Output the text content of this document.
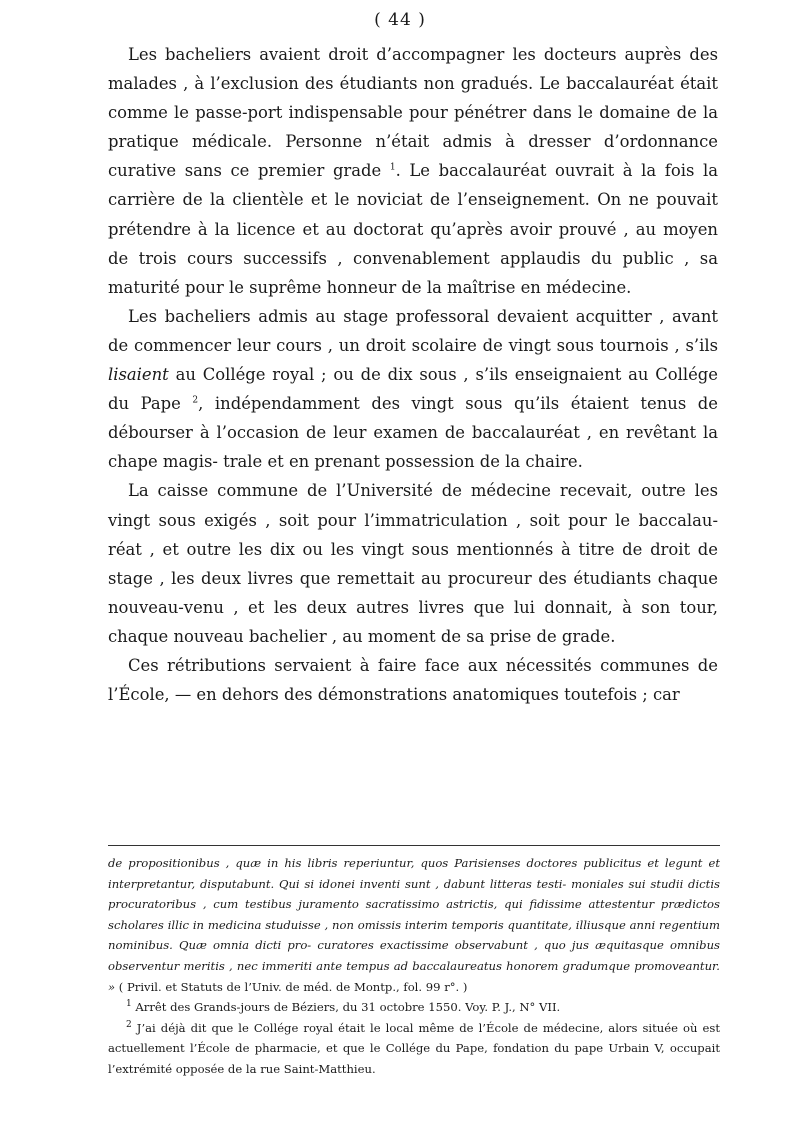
( 44 )

Les bacheliers avaient droit d’accompagner les docteurs auprès des malades , à l’exclusion des étudiants non gradués. Le baccalauréat était comme le passe-port indispensable pour pénétrer dans le domaine de la pratique médicale. Personne n’était admis à dresser d’ordonnance curative sans ce premier grade $^1$. Le baccalauréat ouvrait à la fois la carrière de la clientèle et le noviciat de l’enseignement. On ne pouvait prétendre à la licence et au doctorat qu’après avoir prouvé , au moyen de trois cours successifs , convenablement applaudis du public , sa maturité pour le suprême honneur de la maîtrise en médecine.

Les bacheliers admis au stage professoral devaient acquitter , avant de commencer leur cours , un droit scolaire de vingt sous tournois , s’ils lisaient au Collége royal ; ou de dix sous , s’ils enseignaient au Collége du Pape $^2$, indépendamment des vingt sous qu’ils étaient tenus de débourser à l’occasion de leur examen de baccalauréat , en revêtant la chape magis- trale et en prenant possession de la chaire.

La caisse commune de l’Université de médecine recevait, outre les vingt sous exigés , soit pour l’immatriculation , soit pour le baccalau- réat , et outre les dix ou les vingt sous mentionnés à titre de droit de stage , les deux livres que remettait au procureur des étudiants chaque nouveau-venu , et les deux autres livres que lui donnait, à son tour, chaque nouveau bachelier , au moment de sa prise de grade.

Ces rétributions servaient à faire face aux nécessités communes de l’École, — en dehors des démonstrations anatomiques toutefois ; car

de propositionibus , quæ in his libris reperiuntur, quos Parisienses doctores publicitus et legunt et interpretantur, disputabunt. Qui si idonei inventi sunt , dabunt litteras testi- moniales sui studii dictis procuratoribus , cum testibus juramento sacratissimo astrictis, qui fidissime attestentur prædictos scholares illic in medicina studuisse , non omissis interim temporis quantitate, illiusque anni regentium nominibus. Quæ omnia dicti pro- curatores exactissime observabunt , quo jus æquitasque omnibus observentur meritis , nec immeriti ante tempus ad baccalaureatus honorem gradumque promoveantur. » ( Privil. et Statuts de l’Univ. de méd. de Montp., fol. 99 r°. )

$^1$ Arrêt des Grands-jours de Béziers, du 31 octobre 1550. Voy. P. J., N° VII.

$^2$ J’ai déjà dit que le Collége royal était le local même de l’École de médecine, alors située où est actuellement l’École de pharmacie, et que le Collége du Pape, fondation du pape Urbain V, occupait l’extrémité opposée de la rue Saint-Matthieu.
